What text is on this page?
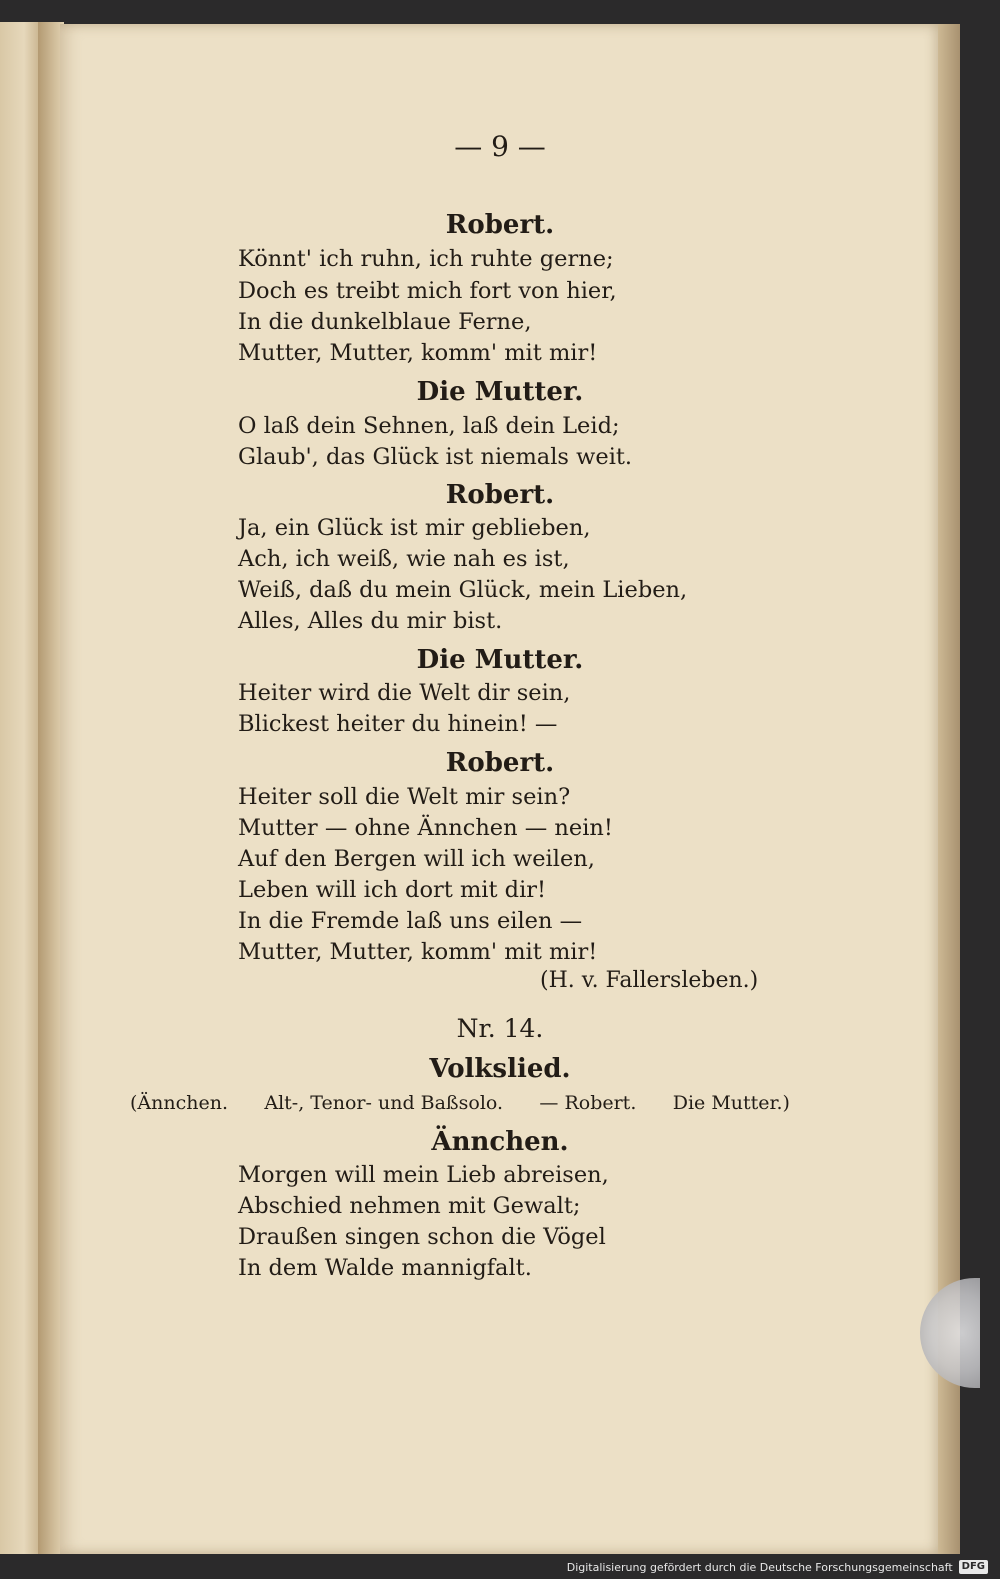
— 9 —
Robert.
Könnt' ich ruhn, ich ruhte gerne;
Doch es treibt mich fort von hier,
In die dunkelblaue Ferne,
Mutter, Mutter, komm' mit mir!
Die Mutter.
O laß dein Sehnen, laß dein Leid;
Glaub', das Glück ist niemals weit.
Robert.
Ja, ein Glück ist mir geblieben,
Ach, ich weiß, wie nah es ist,
Weiß, daß du mein Glück, mein Lieben,
Alles, Alles du mir bist.
Die Mutter.
Heiter wird die Welt dir sein,
Blickest heiter du hinein! —
Robert.
Heiter soll die Welt mir sein?
Mutter — ohne Ännchen — nein!
Auf den Bergen will ich weilen,
Leben will ich dort mit dir!
In die Fremde laß uns eilen —
Mutter, Mutter, komm' mit mir!
(H. v. Fallersleben.)
Nr. 14.
Volkslied.
(Ännchen. Alt-, Tenor- und Baßsolo. — Robert. Die Mutter.)
Ännchen.
Morgen will mein Lieb abreisen,
Abschied nehmen mit Gewalt;
Draußen singen schon die Vögel
In dem Walde mannigfalt.
Digitalisierung gefördert durch die Deutsche Forschungsgemeinschaft DFG
